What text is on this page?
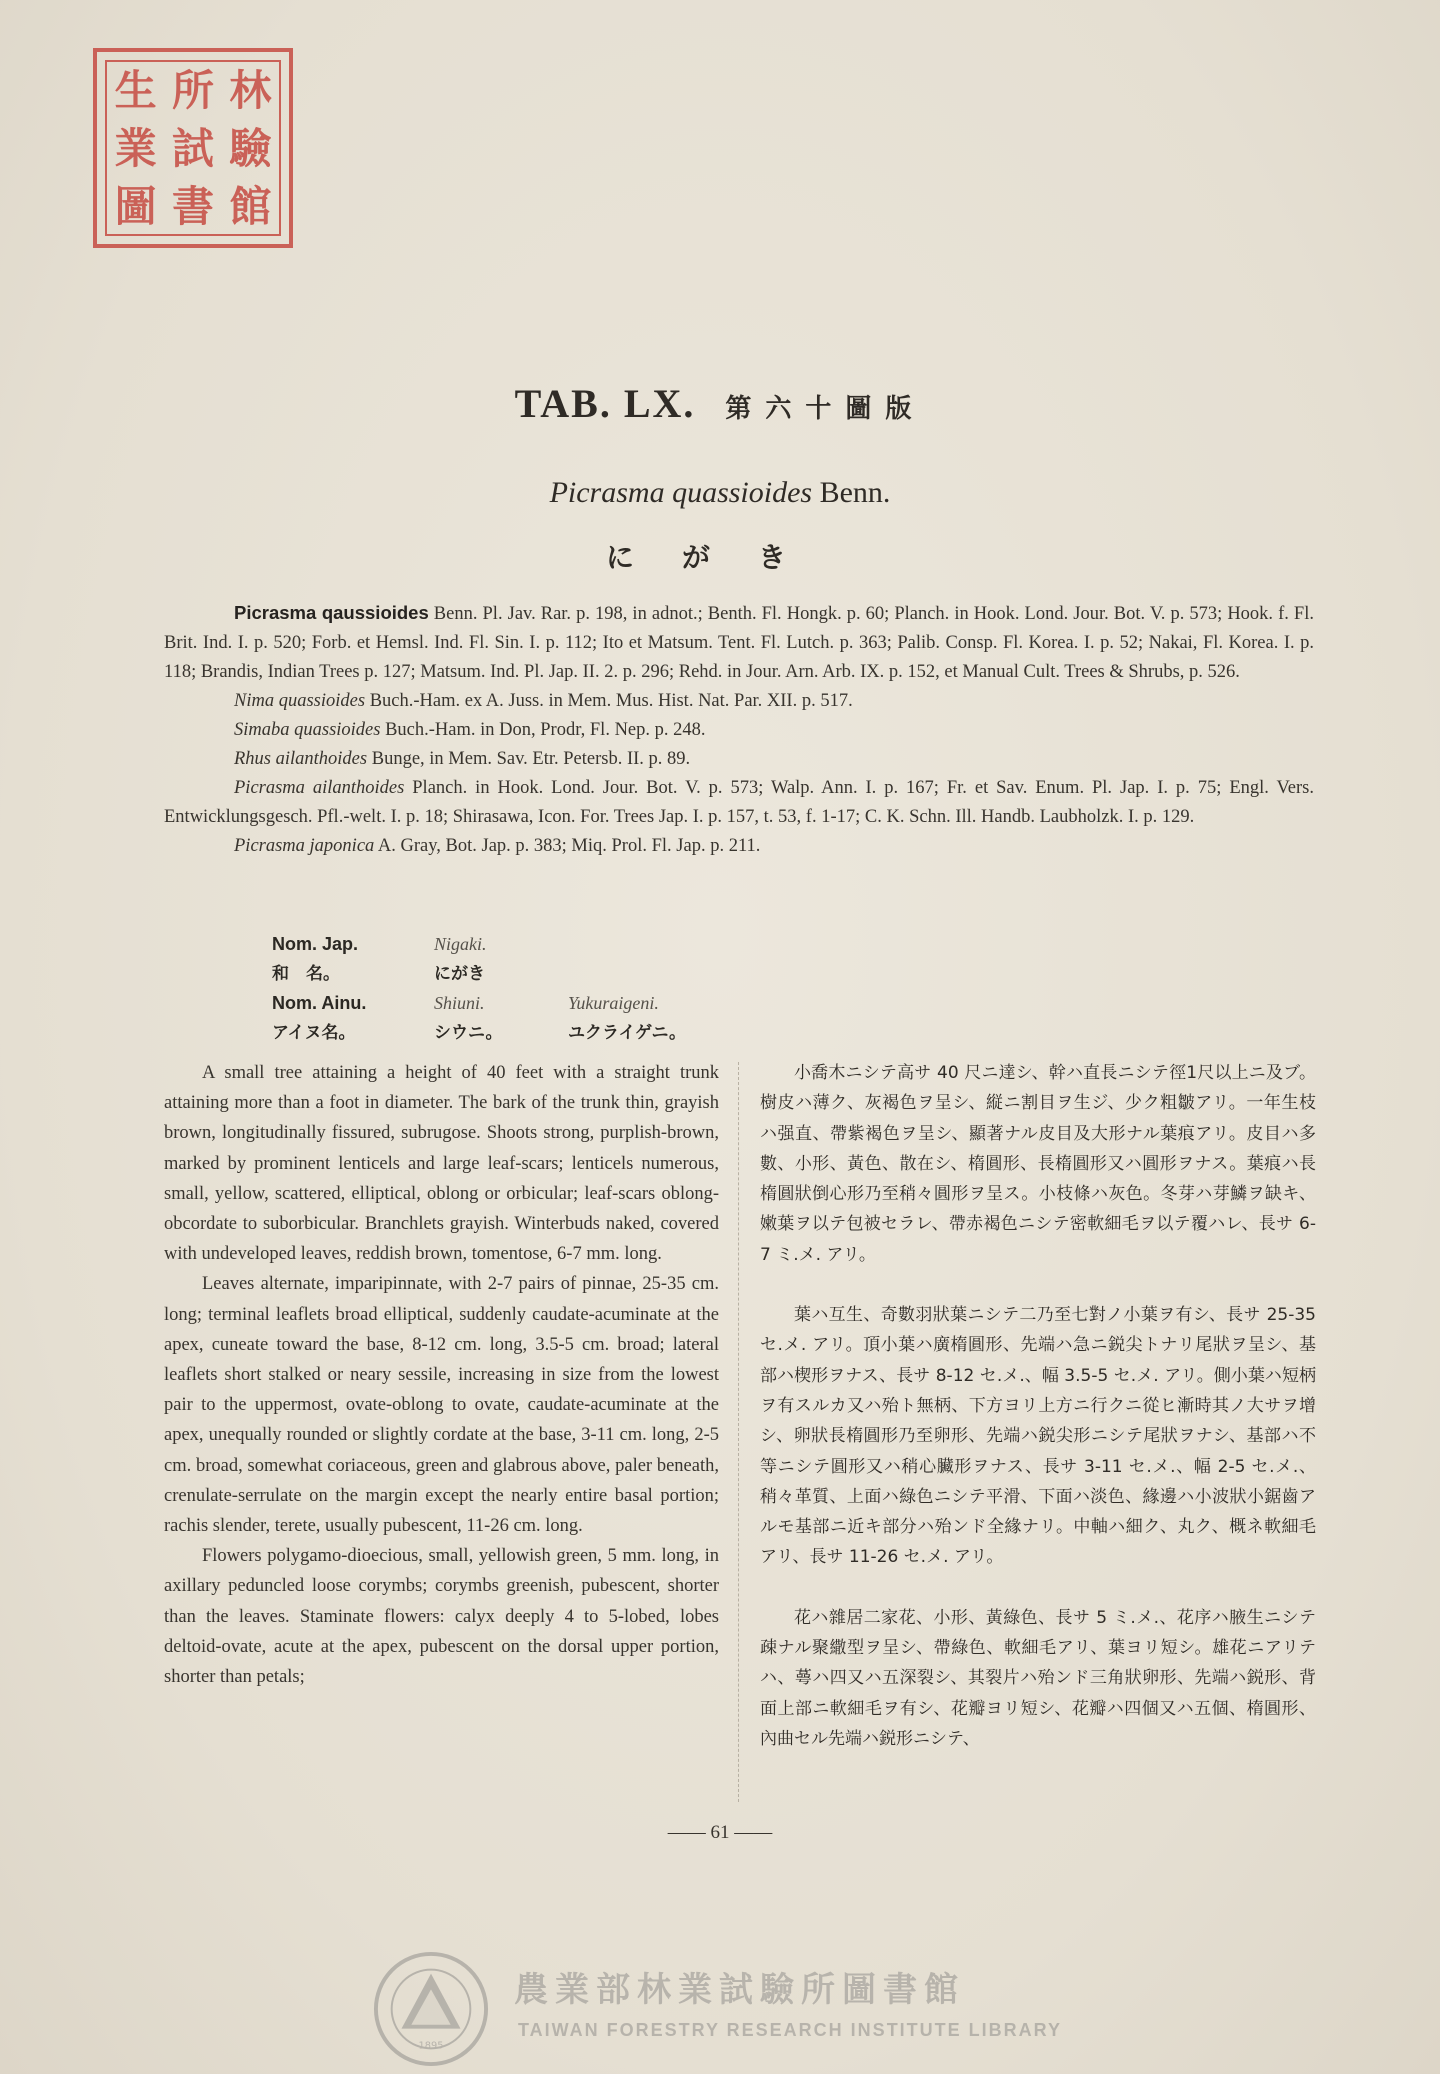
生 所 林
業 試 驗
圖 書 館
TAB. LX. 第六十圖版
Picrasma quassioides Benn.
にがき

Picrasma qaussioides Benn. Pl. Jav. Rar. p. 198, in adnot.; Benth. Fl. Hongk. p. 60; Planch. in Hook. Lond. Jour. Bot. V. p. 573; Hook. f. Fl. Brit. Ind. I. p. 520; Forb. et Hemsl. Ind. Fl. Sin. I. p. 112; Ito et Matsum. Tent. Fl. Lutch. p. 363; Palib. Consp. Fl. Korea. I. p. 52; Nakai, Fl. Korea. I. p. 118; Brandis, Indian Trees p. 127; Matsum. Ind. Pl. Jap. II. 2. p. 296; Rehd. in Jour. Arn. Arb. IX. p. 152, et Manual Cult. Trees & Shrubs, p. 526.

Nima quassioides Buch.-Ham. ex A. Juss. in Mem. Mus. Hist. Nat. Par. XII. p. 517.

Simaba quassioides Buch.-Ham. in Don, Prodr, Fl. Nep. p. 248.

Rhus ailanthoides Bunge, in Mem. Sav. Etr. Petersb. II. p. 89.

Picrasma ailanthoides Planch. in Hook. Lond. Jour. Bot. V. p. 573; Walp. Ann. I. p. 167; Fr. et Sav. Enum. Pl. Jap. I. p. 75; Engl. Vers. Entwicklungsgesch. Pfl.-welt. I. p. 18; Shirasawa, Icon. For. Trees Jap. I. p. 157, t. 53, f. 1-17; C. K. Schn. Ill. Handb. Laubholzk. I. p. 129.

Picrasma japonica A. Gray, Bot. Jap. p. 383; Miq. Prol. Fl. Jap. p. 211.

Nom. Jap.	Nigaki.	
和　名。	にがき	
Nom. Ainu.	Shiuni.	Yukuraigeni.
アイヌ名。	シウニ。	ユクライゲニ。

A small tree attaining a height of 40 feet with a straight trunk attaining more than a foot in diameter. The bark of the trunk thin, grayish brown, longitudinally fissured, subrugose. Shoots strong, purplish-brown, marked by prominent lenticels and large leaf-scars; lenticels numerous, small, yellow, scattered, elliptical, oblong or orbicular; leaf-scars oblong-obcordate to suborbicular. Branchlets grayish. Winterbuds naked, covered with undeveloped leaves, reddish brown, tomentose, 6-7 mm. long.

Leaves alternate, imparipinnate, with 2-7 pairs of pinnae, 25-35 cm. long; terminal leaflets broad elliptical, suddenly caudate-acuminate at the apex, cuneate toward the base, 8-12 cm. long, 3.5-5 cm. broad; lateral leaflets short stalked or neary sessile, increasing in size from the lowest pair to the uppermost, ovate-oblong to ovate, caudate-acuminate at the apex, unequally rounded or slightly cordate at the base, 3-11 cm. long, 2-5 cm. broad, somewhat coriaceous, green and glabrous above, paler beneath, crenulate-serrulate on the margin except the nearly entire basal portion; rachis slender, terete, usually pubescent, 11-26 cm. long.

Flowers polygamo-dioecious, small, yellowish green, 5 mm. long, in axillary peduncled loose corymbs; corymbs greenish, pubescent, shorter than the leaves. Staminate flowers: calyx deeply 4 to 5-lobed, lobes deltoid-ovate, acute at the apex, pubescent on the dorsal upper portion, shorter than petals;

小喬木ニシテ高サ 40 尺ニ達シ、幹ハ直長ニシテ徑1尺以上ニ及ブ。樹皮ハ薄ク、灰褐色ヲ呈シ、縦ニ割目ヲ生ジ、少ク粗皺アリ。一年生枝ハ强直、帶紫褐色ヲ呈シ、顯著ナル皮目及大形ナル葉痕アリ。皮目ハ多數、小形、黃色、散在シ、楕圓形、長楕圓形又ハ圓形ヲナス。葉痕ハ長楕圓狀倒心形乃至稍々圓形ヲ呈ス。小枝條ハ灰色。冬芽ハ芽鱗ヲ缺キ、嫩葉ヲ以テ包被セラレ、帶赤褐色ニシテ密軟細毛ヲ以テ覆ハレ、長サ 6-7 ミ.メ. アリ。

葉ハ互生、奇數羽狀葉ニシテ二乃至七對ノ小葉ヲ有シ、長サ 25-35 セ.メ. アリ。頂小葉ハ廣楕圓形、先端ハ急ニ鋭尖トナリ尾狀ヲ呈シ、基部ハ楔形ヲナス、長サ 8-12 セ.メ.、幅 3.5-5 セ.メ. アリ。側小葉ハ短柄ヲ有スルカ又ハ殆ト無柄、下方ヨリ上方ニ行クニ從ヒ漸時其ノ大サヲ增シ、卵狀長楕圓形乃至卵形、先端ハ鋭尖形ニシテ尾狀ヲナシ、基部ハ不等ニシテ圓形又ハ稍心臟形ヲナス、長サ 3-11 セ.メ.、幅 2-5 セ.メ.、稍々革質、上面ハ綠色ニシテ平滑、下面ハ淡色、緣邊ハ小波狀小鋸齒アルモ基部ニ近キ部分ハ殆ンド全緣ナリ。中軸ハ細ク、丸ク、概ネ軟細毛アリ、長サ 11-26 セ.メ. アリ。

花ハ雜居二家花、小形、黃綠色、長サ 5 ミ.メ.、花序ハ腋生ニシテ疎ナル聚繖型ヲ呈シ、帶綠色、軟細毛アリ、葉ヨリ短シ。雄花ニアリテハ、蕚ハ四又ハ五深裂シ、其裂片ハ殆ンド三角狀卵形、先端ハ鋭形、背面上部ニ軟細毛ヲ有シ、花瓣ヨリ短シ、花瓣ハ四個又ハ五個、楕圓形、內曲セル先端ハ鋭形ニシテ、

—— 61 ——
1895
農業部林業試驗所圖書館
TAIWAN FORESTRY RESEARCH INSTITUTE LIBRARY
